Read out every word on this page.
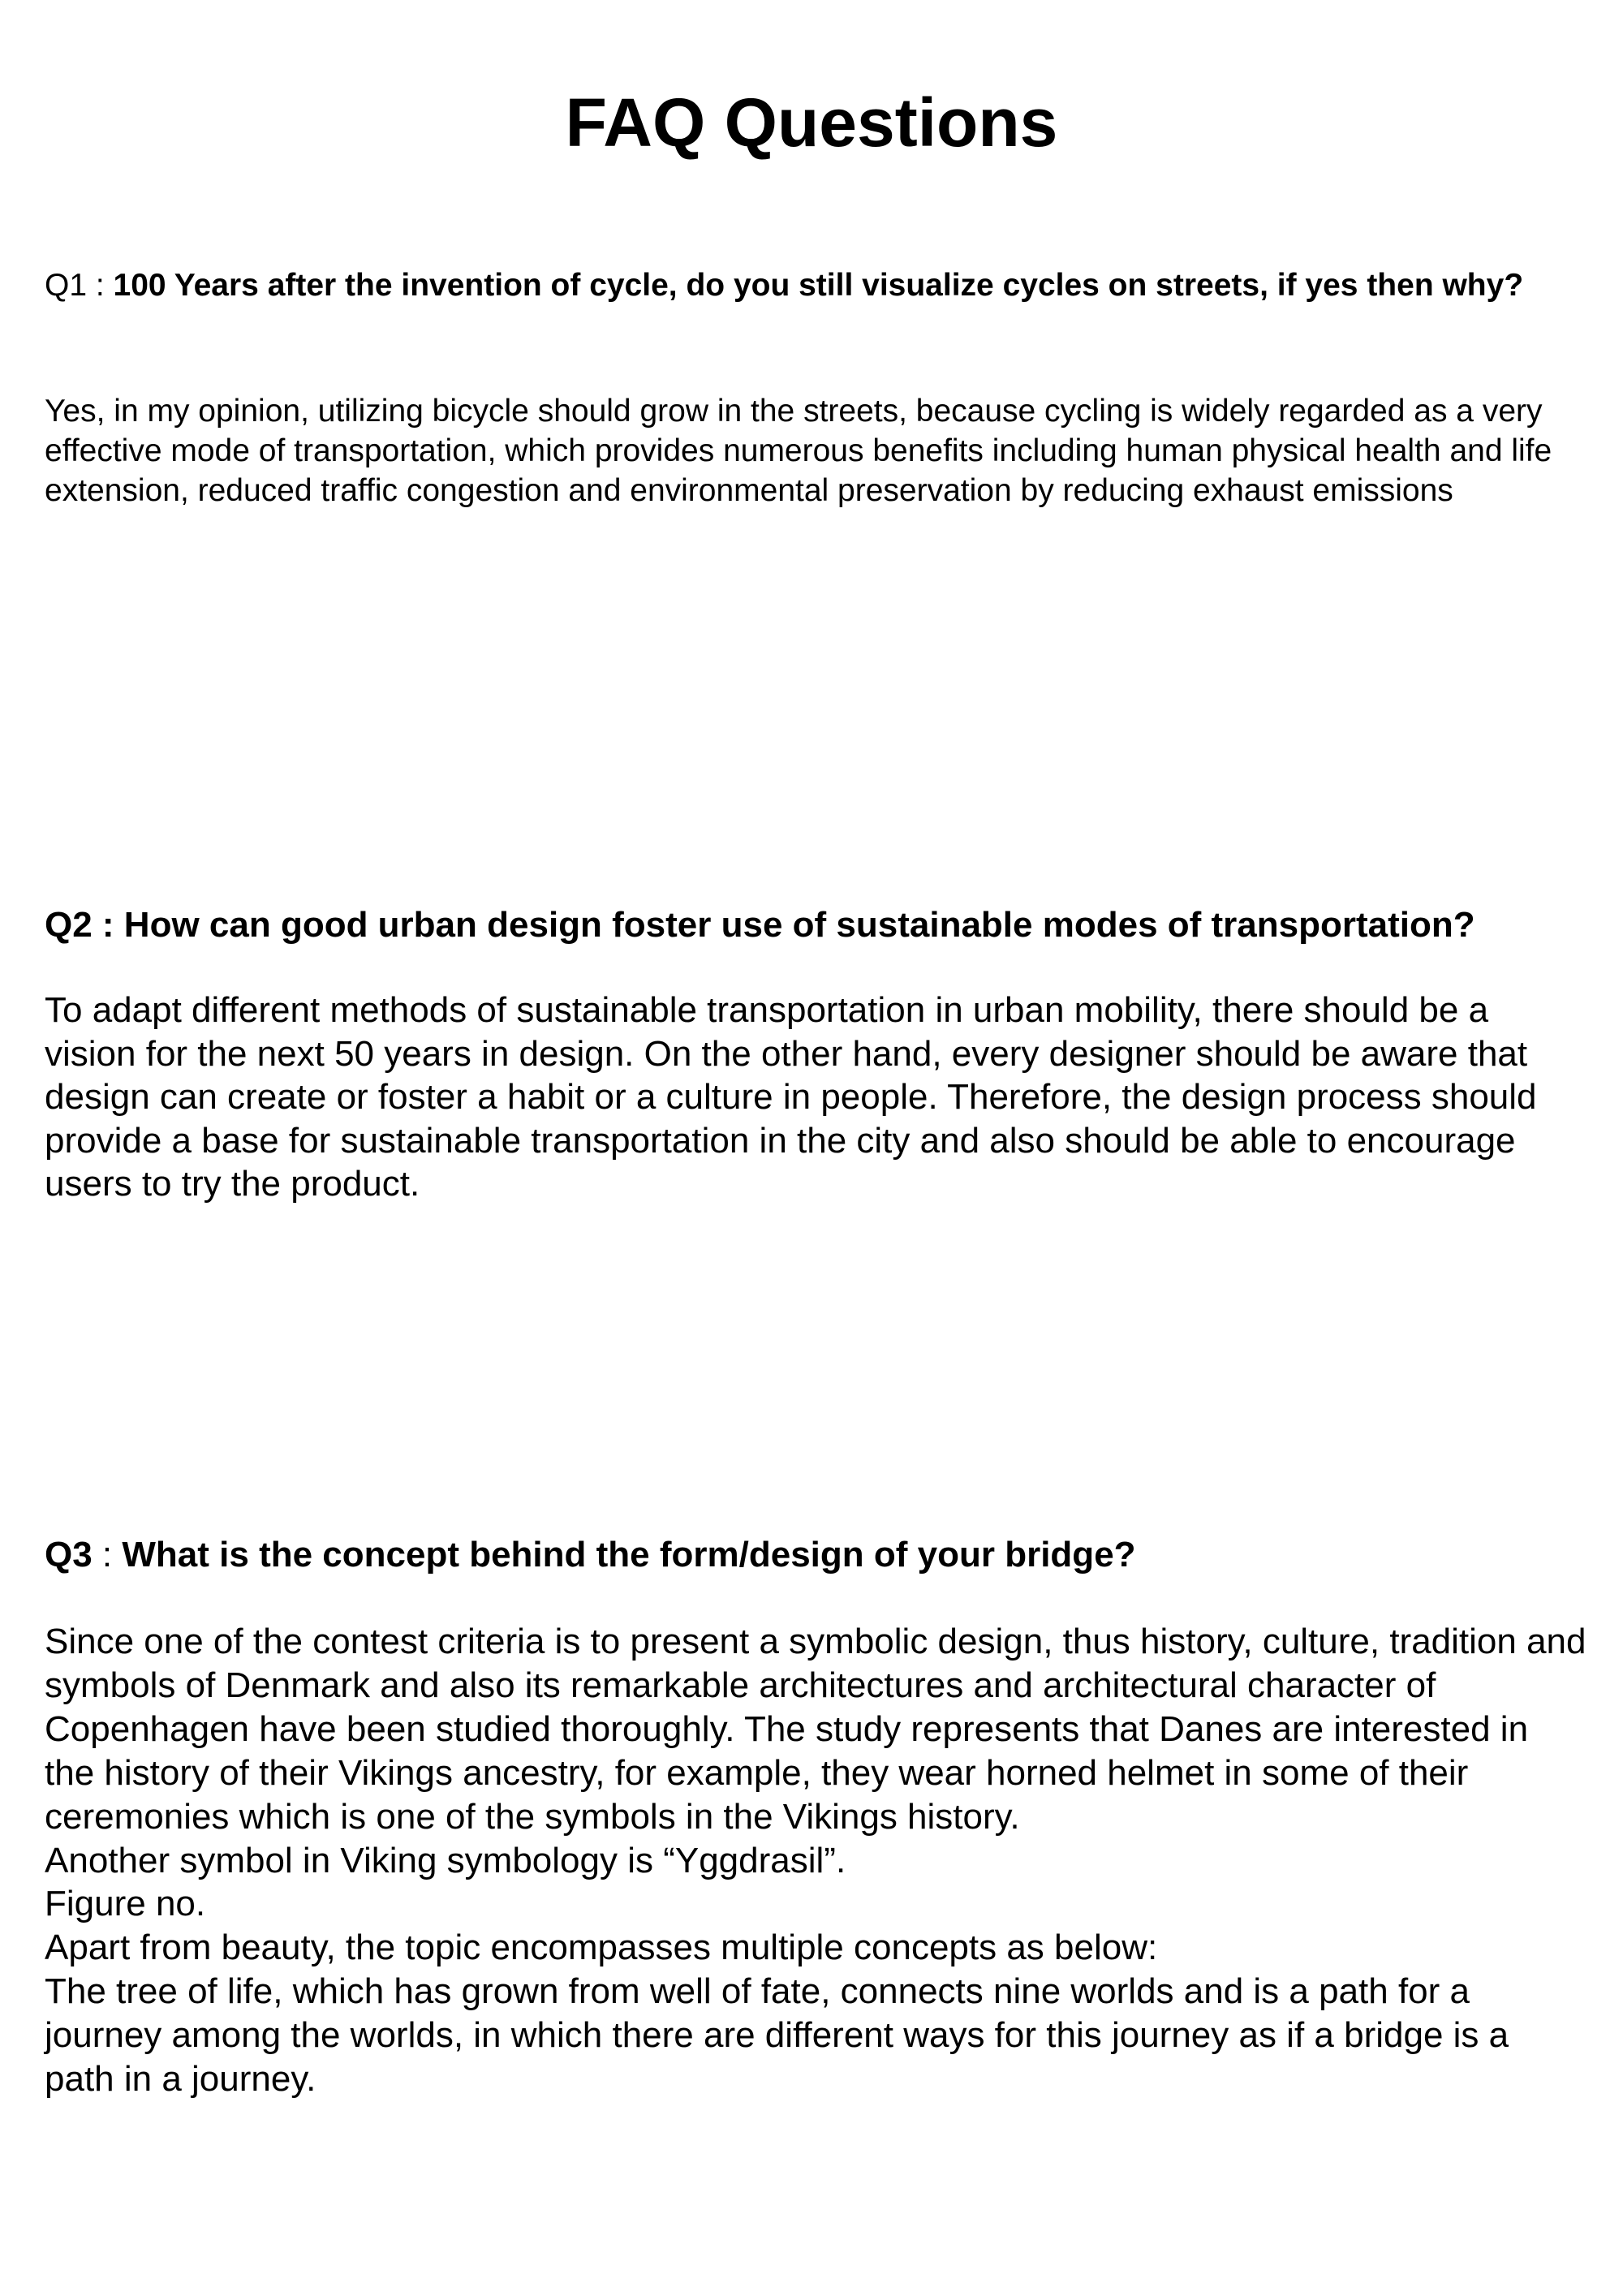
FAQ Questions

Q1 : 100 Years after the invention of cycle, do you still visualize cycles on streets, if yes then why?

Yes, in my opinion, utilizing bicycle should grow in the streets, because cycling is widely regarded as a very effective mode of transportation, which provides numerous benefits including human physical health and life extension, reduced traffic congestion and environmental preservation by reducing exhaust emissions

Q2 : How can good urban design foster use of sustainable modes of transportation?

To adapt different methods of sustainable transportation in urban mobility, there should be a vision for the next 50 years in design. On the other hand, every designer should be aware that design can create or foster a habit or a culture in people. Therefore, the design process should provide a base for sustainable transportation in the city and also should be able to encourage users to try the product.

Q3 : What is the concept behind the form/design of your bridge?

Since one of the contest criteria is to present a symbolic design, thus history, culture, tradition and symbols of Denmark and also its remarkable architectures and architectural character of Copenhagen have been studied thoroughly. The study represents that Danes are interested in the history of their Vikings ancestry, for example, they wear horned helmet in some of their ceremonies which is one of the symbols in the Vikings history.
Another symbol in Viking symbology is “Yggdrasil”.
Figure no.
Apart from beauty, the topic encompasses multiple concepts as below:
The tree of life, which has grown from well of fate, connects nine worlds and is a path for a journey among the worlds, in which there are different ways for this journey as if a bridge is a path in a journey.
